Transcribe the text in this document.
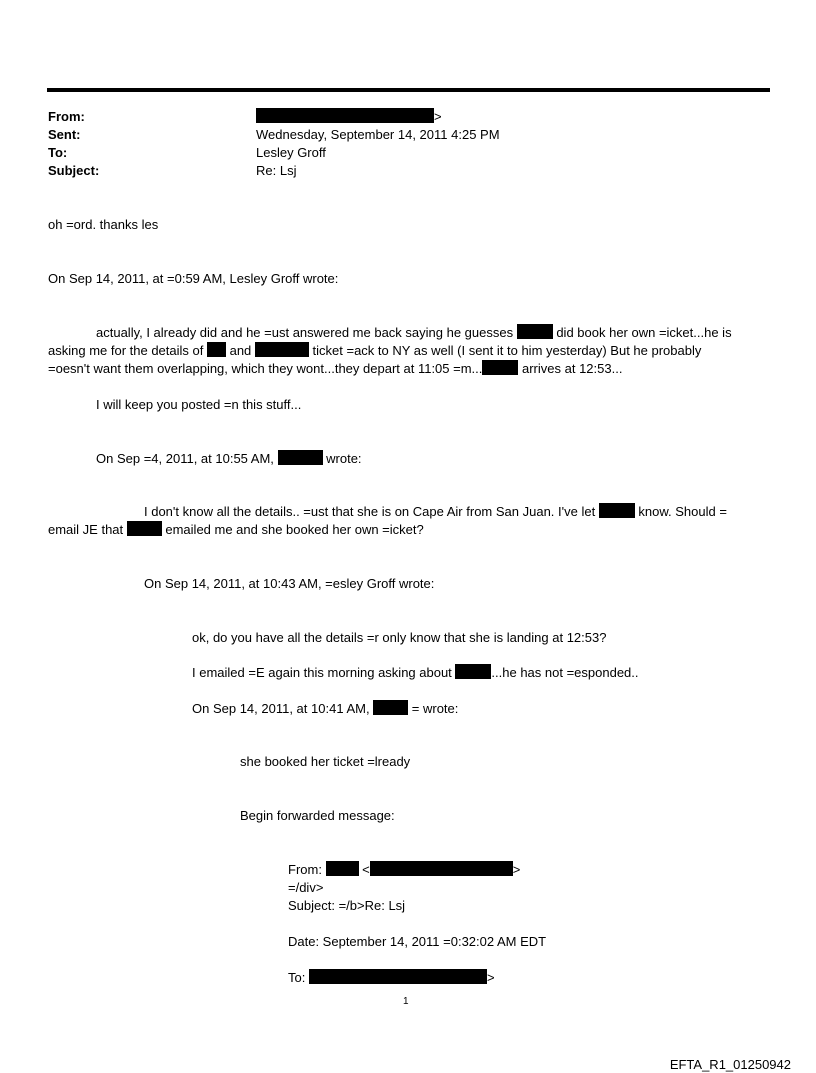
From:	>
Sent:	Wednesday, September 14, 2011 4:25 PM
To:	Lesley Groff
Subject:	Re: Lsj
oh =ord. thanks les
On Sep 14, 2011, at =0:59 AM, Lesley Groff wrote:
actually, I already did and he =ust answered me back saying he guesses	did book her own =icket...he is
asking me for the details of  and	ticket =ack to NY as well (I sent it to him yesterday) But he probably
=oesn't want them overlapping, which they wont...they depart at 11:05 =m...	arrives at 12:53...
I will keep you posted =n this stuff...
On Sep =4, 2011, at 10:55 AM,	wrote:
I don't know all the details.. =ust that she is on Cape Air from San Juan. I've let	know. Should =
email JE that	emailed me and she booked her own =icket?
On Sep 14, 2011, at 10:43 AM, =esley Groff wrote:
ok, do you have all the details =r only know that she is landing at 12:53?
I emailed =E again this morning asking about	...he has not =esponded..
On Sep 14, 2011, at 10:41 AM,	= wrote:
she booked her ticket =lready
Begin forwarded message:
From:	<	>
=/div>
Subject: =/b>Re: Lsj
Date: September 14, 2011 =0:32:02 AM EDT
To:	>
1
EFTA_R1_01250942
